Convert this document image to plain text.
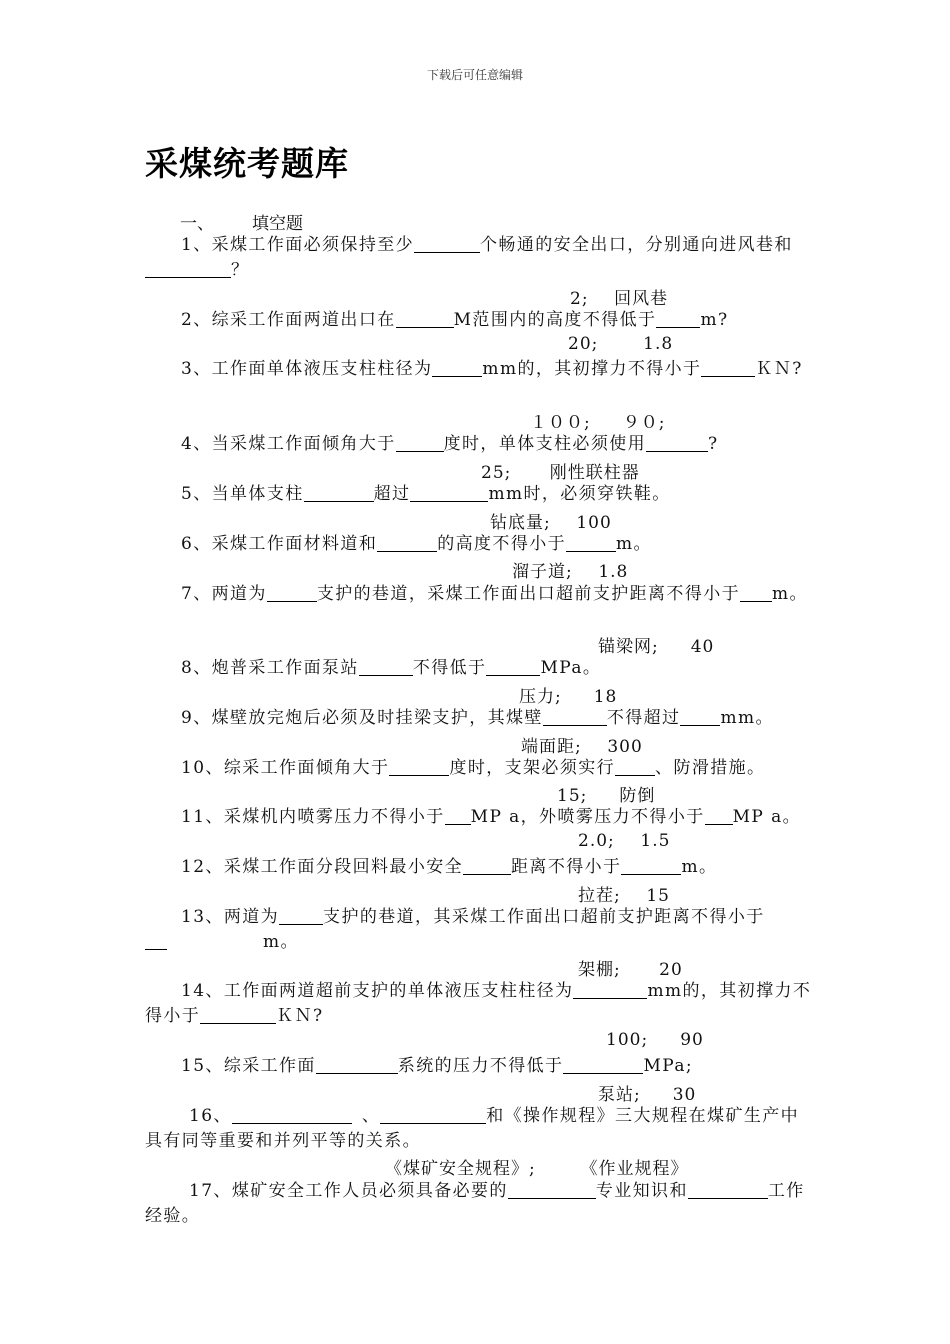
下载后可任意编辑
采煤统考题库
一、 填空题

1、采煤工作面必须保持至少	个畅通的安全出口，分别通向进风巷和？

2;    回风巷

2、综采工作面两道出口在	M范围内的高度不得低于	m?

20;       1.8

3、工作面单体液压支柱柱径为	mm的，其初撑力不得小于	ＫＮ?

１００;     ９０;

4、当采煤工作面倾角大于	度时，单体支柱必须使用	?

25;      刚性联柱器

5、当单体支柱	超过	mm时，必须穿铁鞋。

钻底量;    100

6、采煤工作面材料道和	的高度不得小于	m。

溜子道;    1.8

7、两道为	支护的巷道，采煤工作面出口超前支护距离不得小于 m。

锚梁网;     40

8、炮普采工作面泵站	不得低于	MPa。

压力;     18

9、煤壁放完炮后必须及时挂梁支护，其煤壁	不得超过 mm。

端面距;    300

10、综采工作面倾角大于	度时，支架必须实行 、防滑措施。

15;     防倒

11、采煤机内喷雾压力不得小于 MP a，外喷雾压力不得小于 MP a。

2.0;    1.5

12、采煤工作面分段回料最小安全	距离不得小于	m。

拉茬;    15

13、两道为	支护的巷道，其采煤工作面出口超前支护距离不得小于m。

架棚;      20

14、工作面两道超前支护的单体液压支柱柱径为	mm的，其初撑力不得小于	ＫＮ?

100;     90

15、综采工作面	系统的压力不得低于	MPa;

泵站;     30

16、	、	和《操作规程》三大规程在煤矿生产中具有同等重要和并列平等的关系。

《煤矿安全规程》;       《作业规程》

17、煤矿安全工作人员必须具备必要的	专业知识和	工作经验。
